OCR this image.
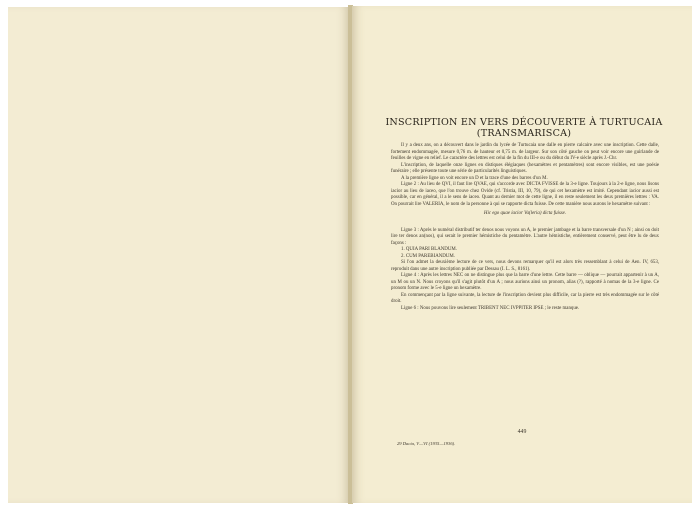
INSCRIPTION EN VERS DÉCOUVERTE À TURTUCAIA
(TRANSMARISCA)

Il y a deux ans, on a découvert dans le jardin du lycée de Turtucaia une dalle en pierre calcaire avec une inscription. Cette dalle, fortement endommagée, mesure 0,76 m. de hauteur et 0,75 m. de largeur. Sur son côté gauche on peut voir encore une guirlande de feuilles de vigne en relief. Le caractère des lettres est celui de la fin du III-e ou du début du IV-e siècle après J.-Chr.

L'inscription, de laquelle onze lignes en distiques élégiaques (hexamètres et pentamètres) sont encore visibles, est une poésie funéraire ; elle présente toute une série de particularités linguistiques.

A la première ligne on voit encore un D et la trace d'une des barres d'un M.

Ligne 2 : Au lieu de QVI, il faut lire QVAE, qui s'accorde avec DICTA FVISSE de la 3-e ligne. Toujours à la 2-e ligne, nous lisons iacior au lieu de iaceo, que l'on trouve chez Ovide (cf. Tristia, III, 10, 79), de qui cet hexamètre est imité. Cependant iacior aussi est possible, car en général, il a le sens de iaceo. Quant au dernier mot de cette ligne, il en reste seulement les deux premières lettres : VA. On pourrait lire VALERIA, le nom de la personne à qui se rapporte dicta fuisse. De cette manière nous aurons le hexamètre suivant :

Hic ego quae iacior Va(leria) dicta fuisse.

Ligne 3 : Après le numéral distributif ter denos nous voyons un A, le premier jambage et la barre transversale d'un N ; ainsi on doit lire ter denos an(nos), qui serait le premier hémistiche du pentamètre. L'autre hémistiche, entièrement conservé, peut être lu de deux façons :

1. QUIA PARI BLANDUM.

2. CUM PAREBIANDUM.

Si l'on admet la deuxième lecture de ce vers, nous devons remarquer qu'il est alors très ressemblant à celui de Aen. IV, 653, reproduit dans une autre inscription publiée par Dessau (I. L. S., 8161).

Ligne 4 : Après les lettres NEC on ne distingue plus que la barre d'une lettre. Cette barre — oblique — pourrait appartenir à un A, un M ou un N. Nous croyons qu'il s'agit plutôt d'un A ; nous aurions ainsi un pronom, alias (?), rapporté à nomas de la 3-e ligne. Ce pronom forme avec le 5-e ligne un hexamètre.

En commençant par la ligne suivante, la lecture de l'inscription devient plus difficile, car la pierre est très endommagée sur le côté droit.

Ligne 6 : Nous pouvons lire seulement TRIBENT NEC IVPPITER IPSE ; le reste manque.

449
29 Dacia, V—VI (1935—1936).
